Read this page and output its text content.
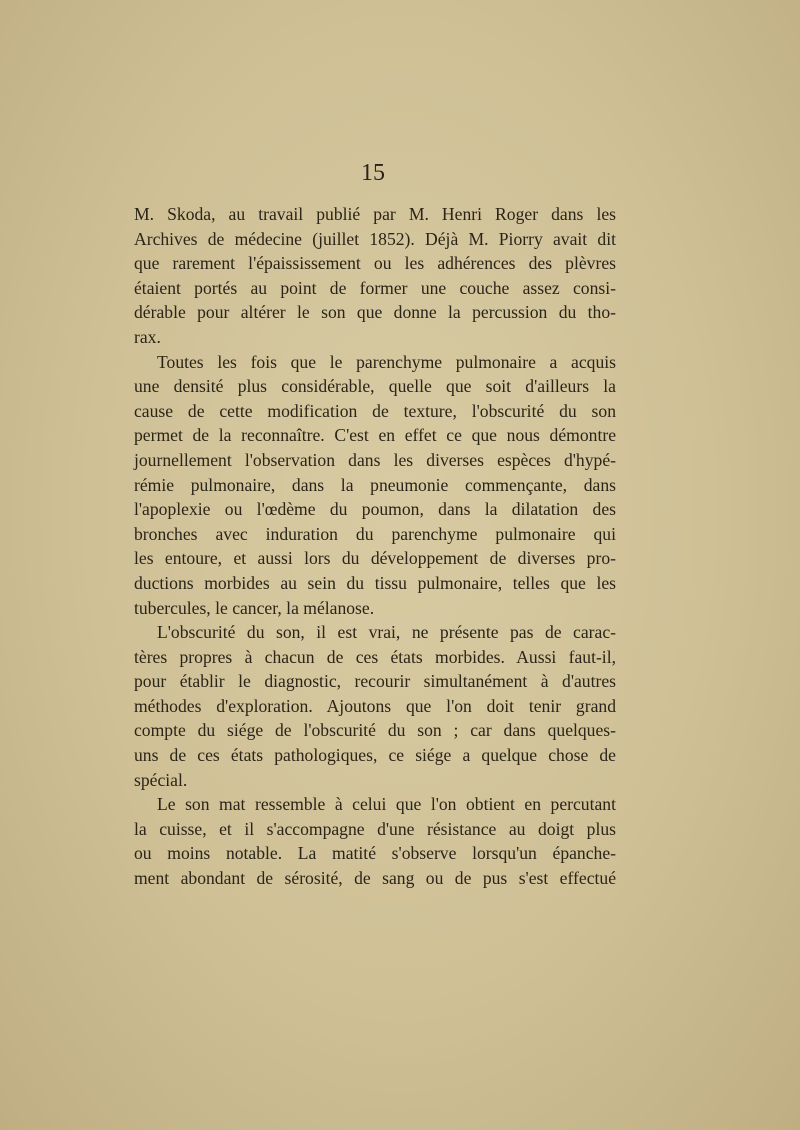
15
M. Skoda, au travail publié par M. Henri Roger dans les
Archives de médecine (juillet 1852). Déjà M. Piorry avait dit
que rarement l'épaississement ou les adhérences des plèvres
étaient portés au point de former une couche assez consi-
dérable pour altérer le son que donne la percussion du tho-
rax.
Toutes les fois que le parenchyme pulmonaire a acquis
une densité plus considérable, quelle que soit d'ailleurs la
cause de cette modification de texture, l'obscurité du son
permet de la reconnaître. C'est en effet ce que nous démontre
journellement l'observation dans les diverses espèces d'hypé-
rémie pulmonaire, dans la pneumonie commençante, dans
l'apoplexie ou l'œdème du poumon, dans la dilatation des
bronches avec induration du parenchyme pulmonaire qui
les entoure, et aussi lors du développement de diverses pro-
ductions morbides au sein du tissu pulmonaire, telles que les
tubercules, le cancer, la mélanose.
L'obscurité du son, il est vrai, ne présente pas de carac-
tères propres à chacun de ces états morbides. Aussi faut-il,
pour établir le diagnostic, recourir simultanément à d'autres
méthodes d'exploration. Ajoutons que l'on doit tenir grand
compte du siége de l'obscurité du son ; car dans quelques-
uns de ces états pathologiques, ce siége a quelque chose de
spécial.
Le son mat ressemble à celui que l'on obtient en percutant
la cuisse, et il s'accompagne d'une résistance au doigt plus
ou moins notable. La matité s'observe lorsqu'un épanche-
ment abondant de sérosité, de sang ou de pus s'est effectué
